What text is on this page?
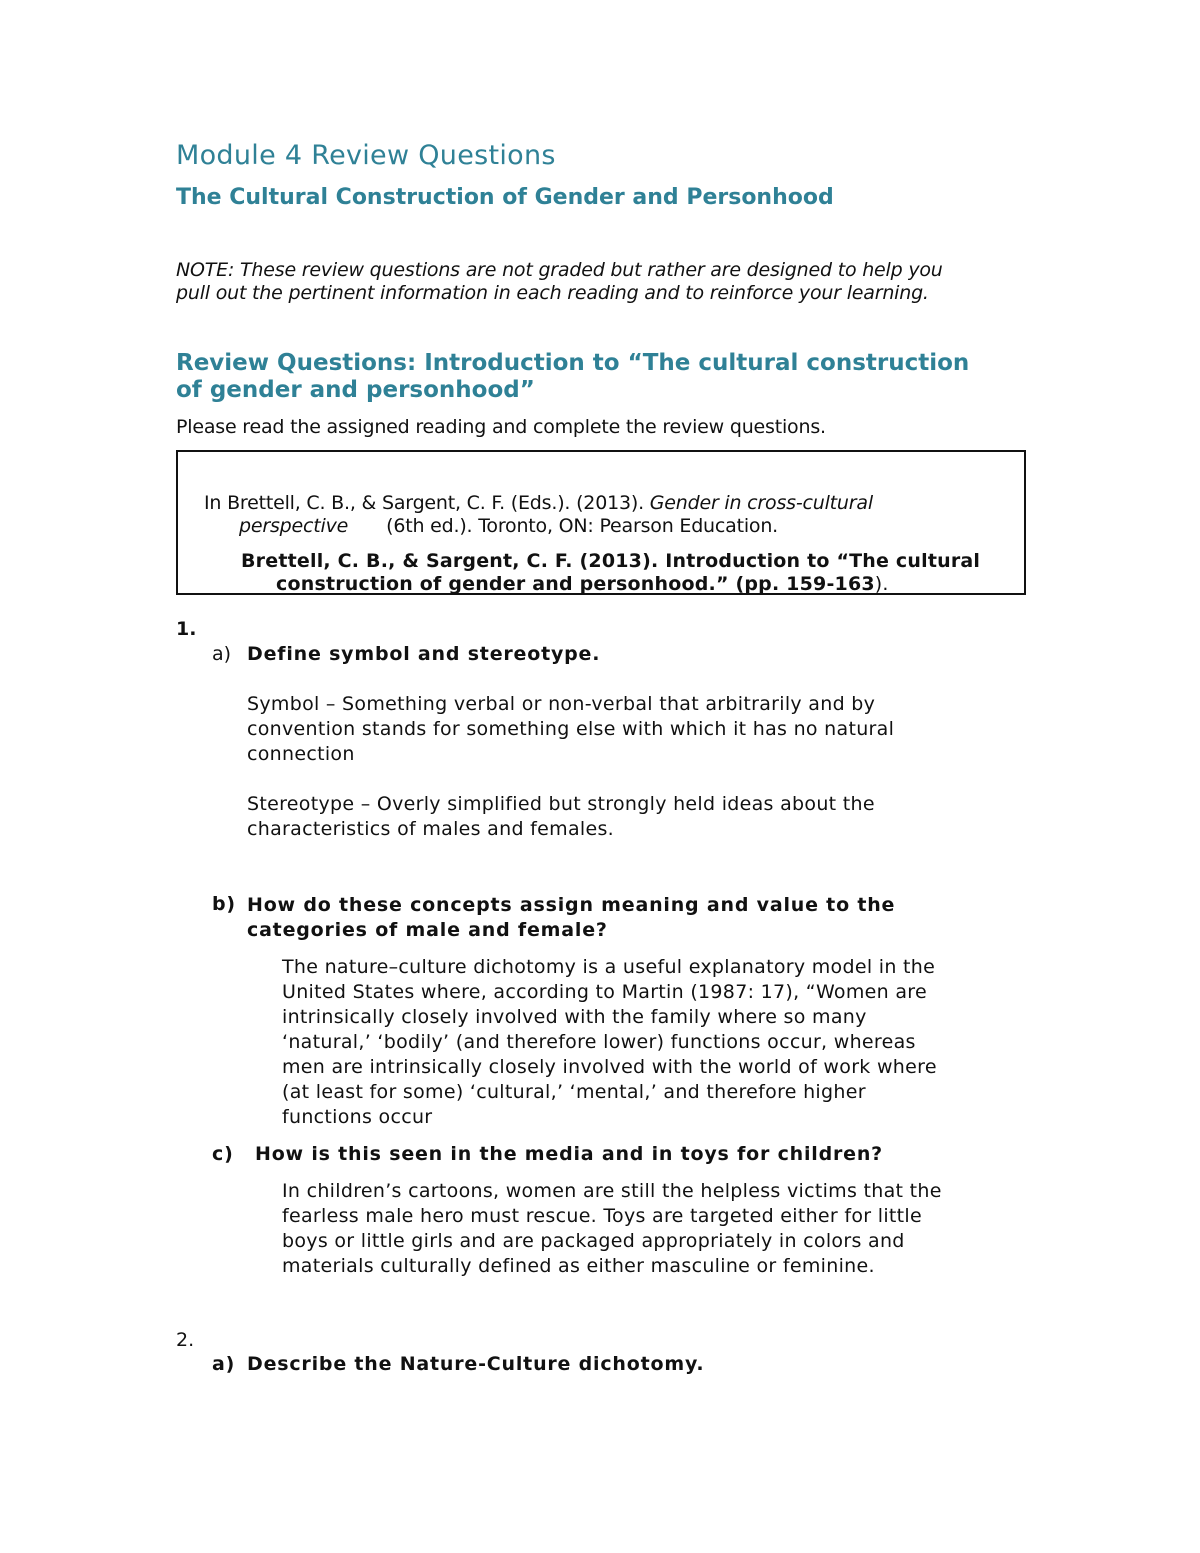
Module 4 Review Questions
The Cultural Construction of Gender and Personhood
NOTE: These review questions are not graded but rather are designed to help you
pull out the pertinent information in each reading and to reinforce your learning.
Review Questions: Introduction to “The cultural construction
of gender and personhood”
Please read the assigned reading and complete the review questions.
In Brettell, C. B., & Sargent, C. F. (Eds.). (2013). Gender in cross-cultural
perspective (6th ed.). Toronto, ON: Pearson Education.
Brettell, C. B., & Sargent, C. F. (2013). Introduction to “The cultural
construction of gender and personhood.” (pp. 159-163).
1.
a) Define symbol and stereotype.
Symbol – Something verbal or non-verbal that arbitrarily and by
convention stands for something else with which it has no natural
connection
Stereotype – Overly simplified but strongly held ideas about the
characteristics of males and females.
b) How do these concepts assign meaning and value to the
categories of male and female?
The nature–culture dichotomy is a useful explanatory model in the
United States where, according to Martin (1987: 17), “Women are
intrinsically closely involved with the family where so many
‘natural,’ ‘bodily’ (and therefore lower) functions occur, whereas
men are intrinsically closely involved with the world of work where
(at least for some) ‘cultural,’ ‘mental,’ and therefore higher
functions occur
c) How is this seen in the media and in toys for children?
In children’s cartoons, women are still the helpless victims that the
fearless male hero must rescue. Toys are targeted either for little
boys or little girls and are packaged appropriately in colors and
materials culturally defined as either masculine or feminine.
2.
a) Describe the Nature-Culture dichotomy.
